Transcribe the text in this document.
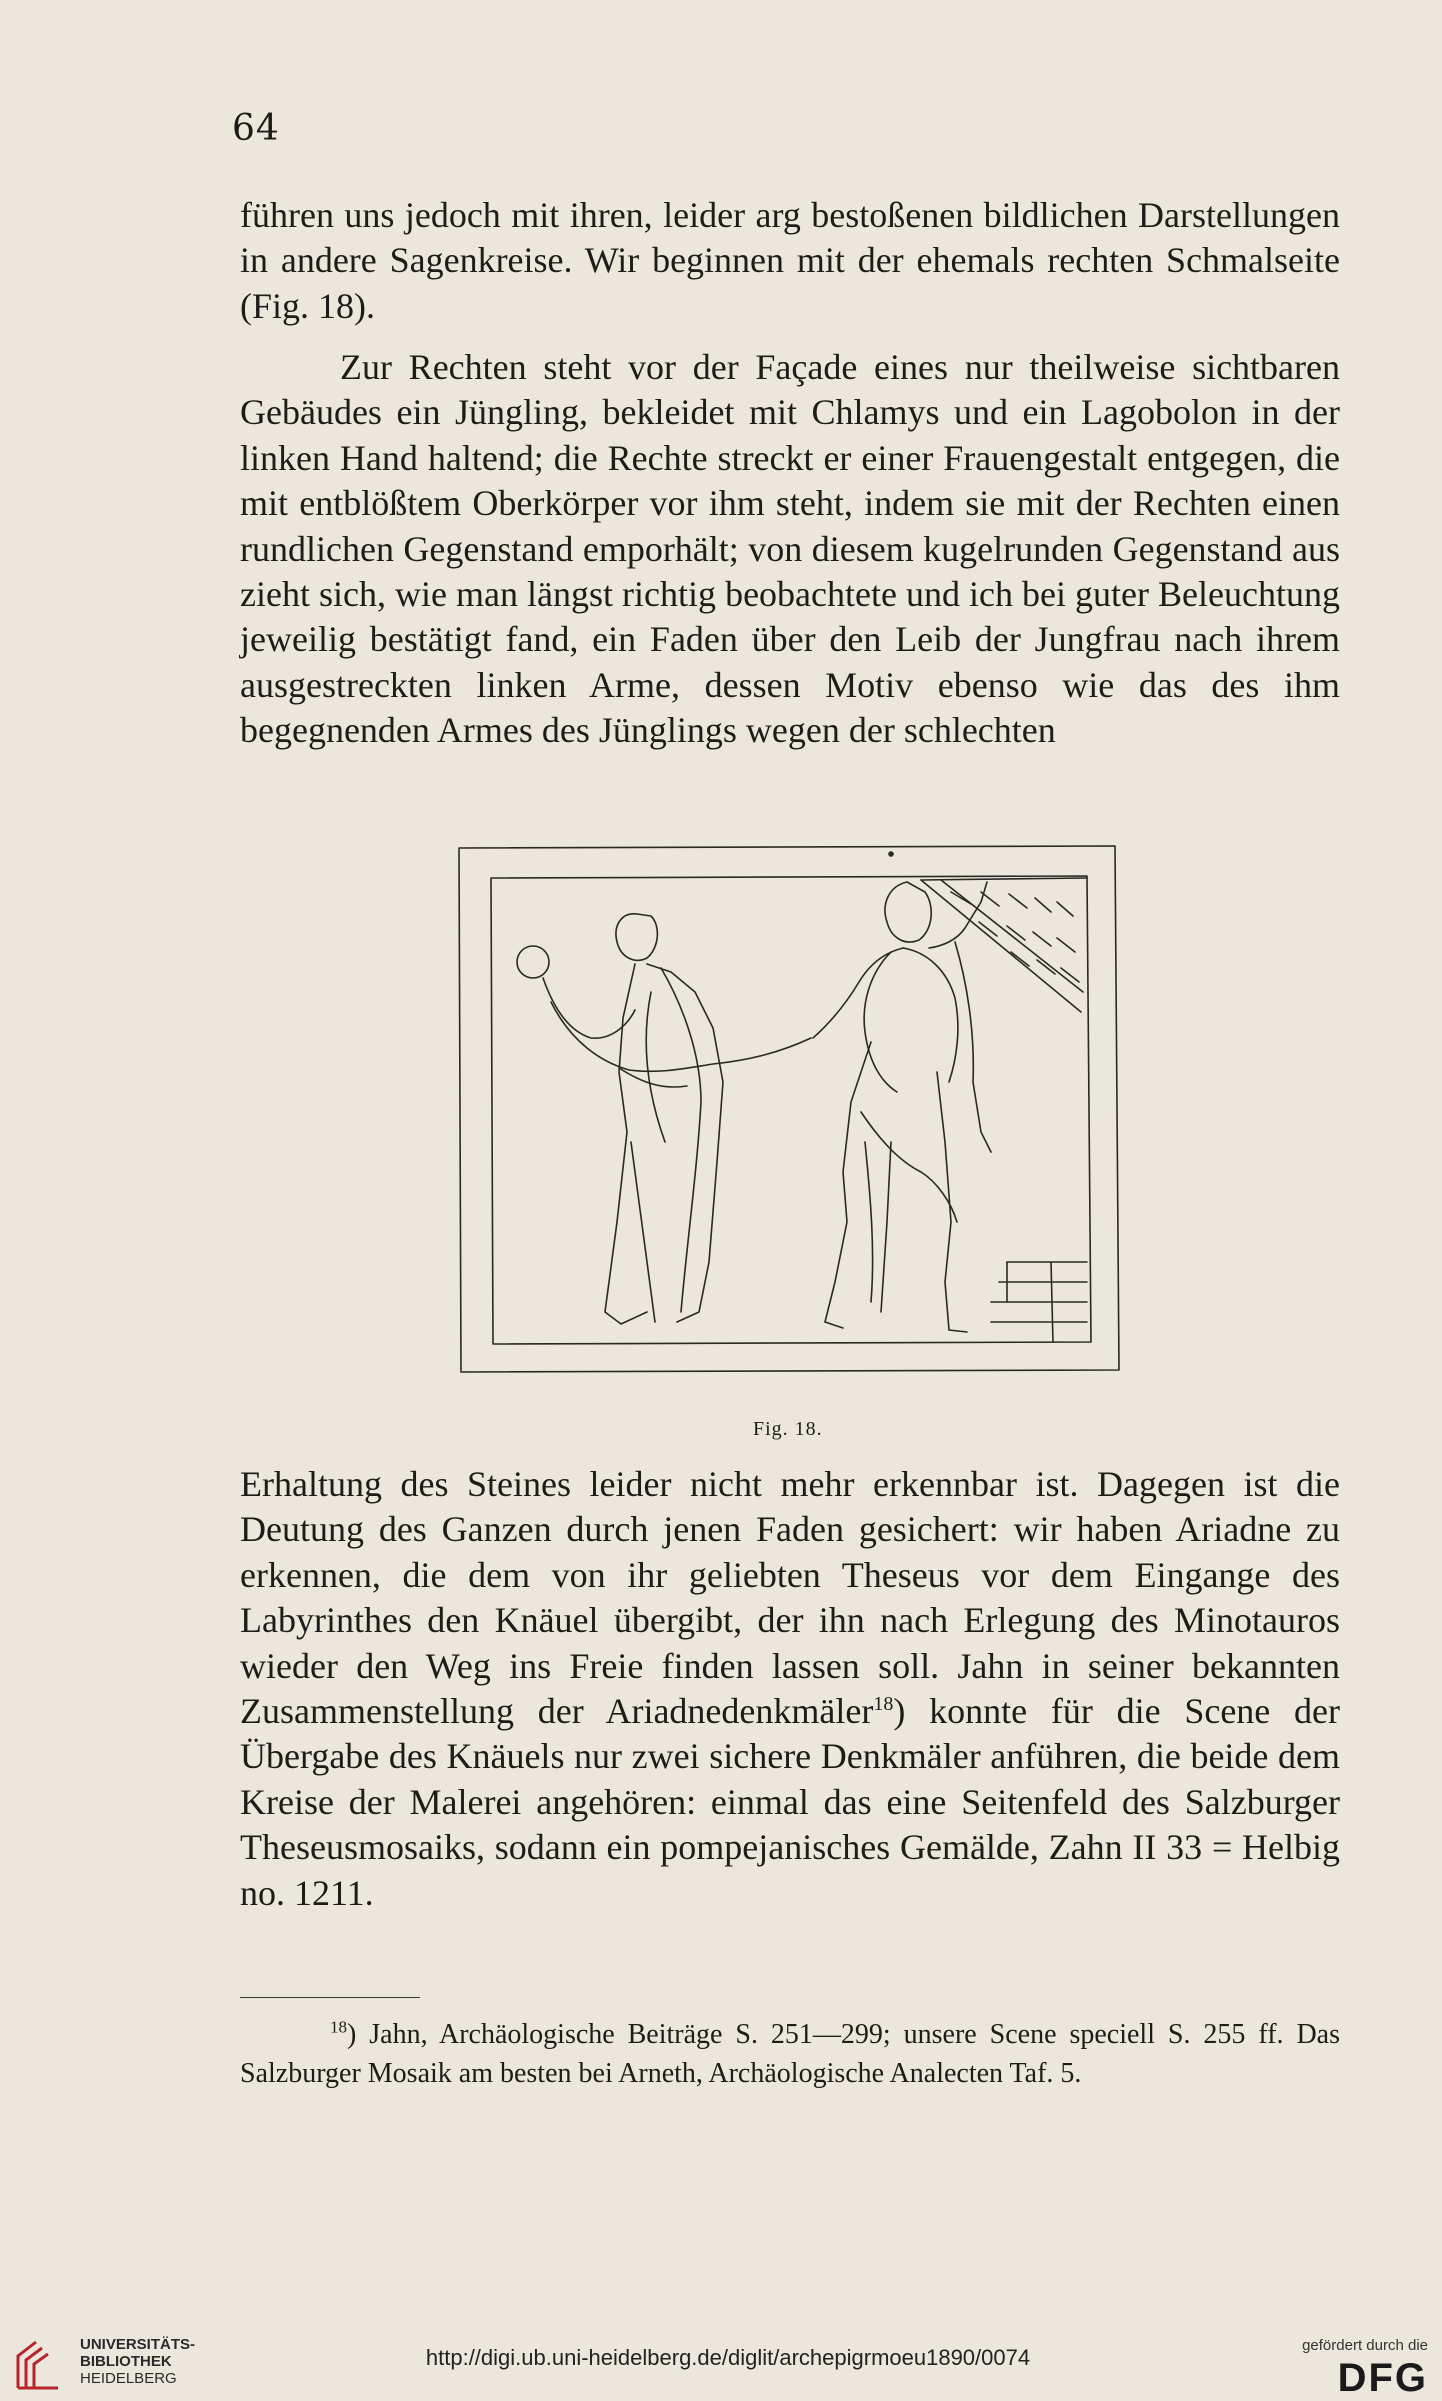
64

führen uns jedoch mit ihren, leider arg bestoßenen bildlichen Darstellungen in andere Sagenkreise. Wir beginnen mit der ehemals rechten Schmalseite (Fig. 18).

Zur Rechten steht vor der Façade eines nur theilweise sichtbaren Gebäudes ein Jüngling, bekleidet mit Chlamys und ein Lagobolon in der linken Hand haltend; die Rechte streckt er einer Frauengestalt entgegen, die mit entblößtem Oberkörper vor ihm steht, indem sie mit der Rechten einen rundlichen Gegenstand emporhält; von diesem kugelrunden Gegenstand aus zieht sich, wie man längst richtig beobachtete und ich bei guter Beleuchtung jeweilig bestätigt fand, ein Faden über den Leib der Jungfrau nach ihrem ausgestreckten linken Arme, dessen Motiv ebenso wie das des ihm begegnenden Armes des Jünglings wegen der schlechten

Fig. 18.

Erhaltung des Steines leider nicht mehr erkennbar ist. Dagegen ist die Deutung des Ganzen durch jenen Faden gesichert: wir haben Ariadne zu erkennen, die dem von ihr geliebten Theseus vor dem Eingange des Labyrinthes den Knäuel übergibt, der ihn nach Erlegung des Minotauros wieder den Weg ins Freie finden lassen soll. Jahn in seiner bekannten Zusammenstellung der Ariadnedenkmäler$^{18}$) konnte für die Scene der Übergabe des Knäuels nur zwei sichere Denkmäler anführen, die beide dem Kreise der Malerei angehören: einmal das eine Seitenfeld des Salzburger Theseusmosaiks, sodann ein pompejanisches Gemälde, Zahn II 33 = Helbig no. 1211.

$^{18}$) Jahn, Archäologische Beiträge S. 251—299; unsere Scene speciell S. 255 ff. Das Salzburger Mosaik am besten bei Arneth, Archäologische Analecten Taf. 5.

UNIVERSITÄTS-
BIBLIOTHEK
HEIDELBERG
http://digi.ub.uni-heidelberg.de/diglit/archepigrmoeu1890/0074	gefördert durch die
DFG
